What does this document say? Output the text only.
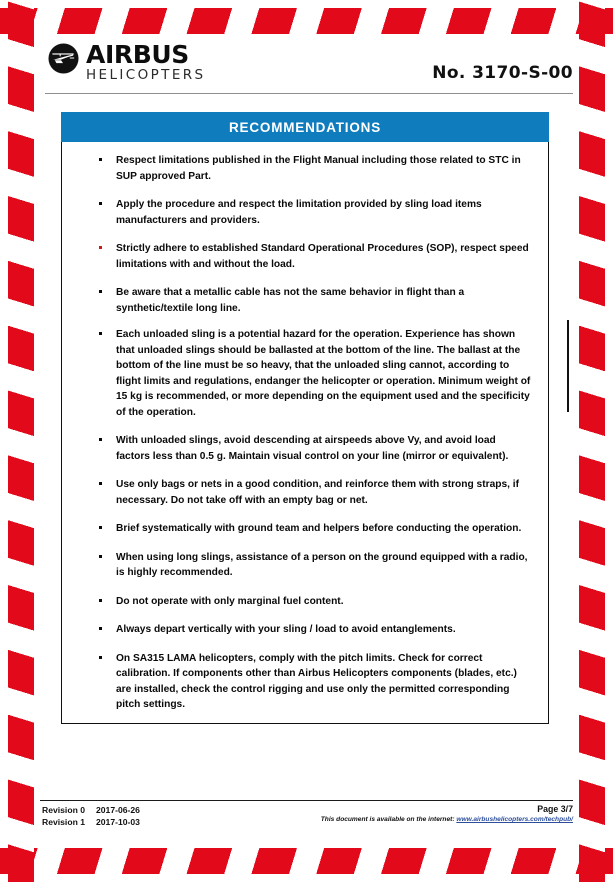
AIRBUS
HELICOPTERS	No. 3170-S-00
RECOMMENDATIONS
Respect limitations published in the Flight Manual including those related to STC in SUP approved Part.
Apply the procedure and respect the limitation provided by sling load items manufacturers and providers.
Strictly adhere to established Standard Operational Procedures (SOP), respect speed limitations with and without the load.
Be aware that a metallic cable has not the same behavior in flight than a synthetic/textile long line.
Each unloaded sling is a potential hazard for the operation. Experience has shown that unloaded slings should be ballasted at the bottom of the line. The ballast at the bottom of the line must be so heavy, that the unloaded sling cannot, according to flight limits and regulations, endanger the helicopter or operation. Minimum weight of 15 kg is recommended, or more depending on the equipment used and the specificity of the operation.
With unloaded slings, avoid descending at airspeeds above Vy, and avoid load factors less than 0.5 g. Maintain visual control on your line (mirror or equivalent).
Use only bags or nets in a good condition, and reinforce them with strong straps, if necessary. Do not take off with an empty bag or net.
Brief systematically with ground team and helpers before conducting the operation.
When using long slings, assistance of a person on the ground equipped with a radio, is highly recommended.
Do not operate with only marginal fuel content.
Always depart vertically with your sling / load to avoid entanglements.
On SA315 LAMA helicopters, comply with the pitch limits. Check for correct calibration. If components other than Airbus Helicopters components (blades, etc.) are installed, check the control rigging and use only the permitted corresponding pitch settings.
Revision 0	2017-06-26
Revision 1	2017-10-03
Page 3/7
This document is available on the internet: www.airbushelicopters.com/techpub/
